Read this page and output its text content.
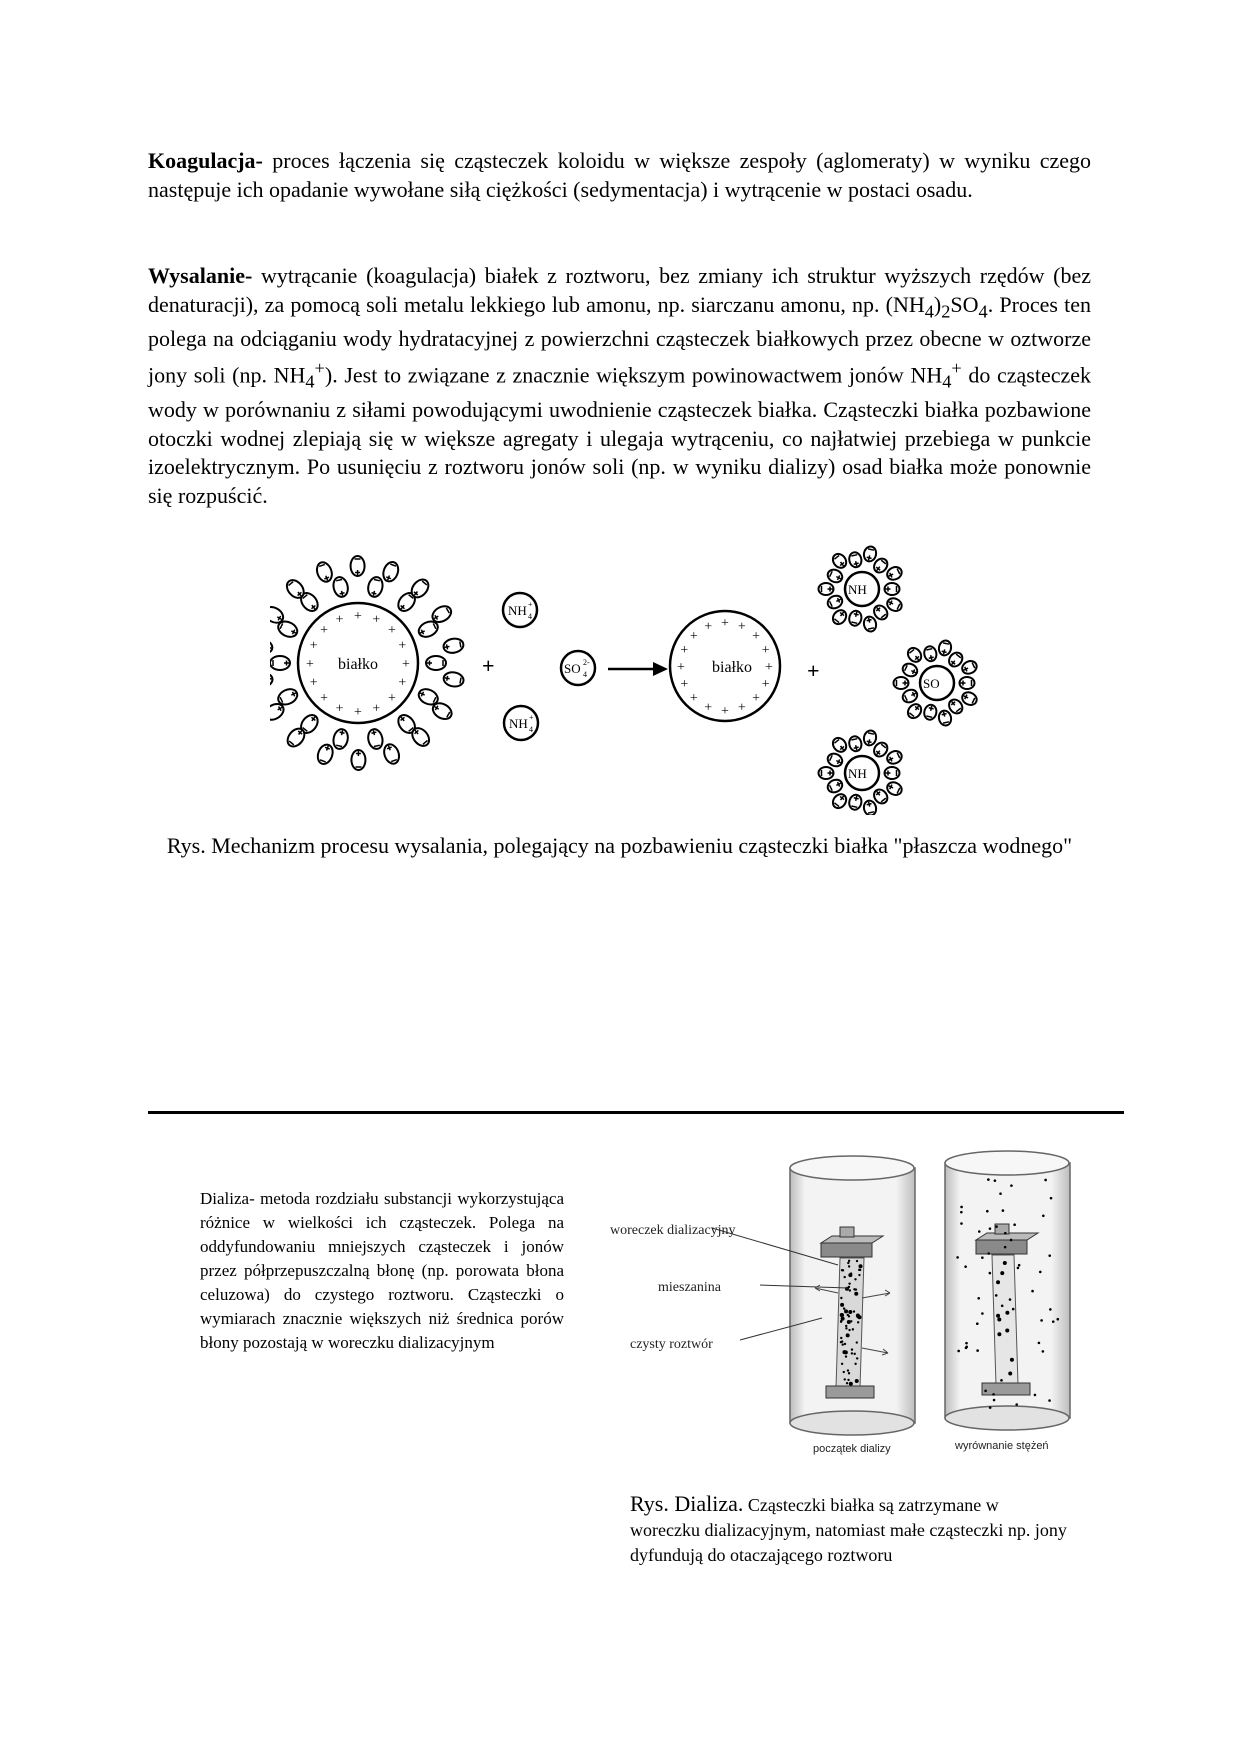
Koagulacja- proces łączenia się cząsteczek koloidu w większe zespoły (aglomeraty) w wyniku czego następuje ich opadanie wywołane siłą ciężkości (sedymentacja) i wytrącenie w postaci osadu.
Wysalanie- wytrącanie (koagulacja) białek z roztworu, bez zmiany ich struktur wyższych rzędów (bez denaturacji), za pomocą soli metalu lekkiego lub amonu, np. siarczanu amonu, np. $(NH_4)_2SO_4$. Proces ten polega na odciąganiu wody hydratacyjnej z powierzchni cząsteczek białkowych przez obecne w oztworze jony soli (np. $NH_4^+$). Jest to związane z znacznie większym powinowactwem jonów $NH_4^+$ do cząsteczek wody w porównaniu z siłami powodującymi uwodnienie cząsteczek białka. Cząsteczki białka pozbawione otoczki wodnej zlepiają się w większe agregaty i ulegaja wytrąceniu, co najłatwiej przebiega w punkcie izoelektrycznym. Po usunięciu z roztworu jonów soli (np. w wyniku dializy) osad białka może ponownie się rozpuścić.
białko +
+
+
+
+
+
+
+
+
+
+
+ + +
+
+
+
NH +
4
NH +
4
SO 2-
4	białko +
+
+
+
+
+
+
+
+
+
+
+ + +
+
+
+
NH
SO
NH
Rys. Mechanizm procesu wysalania, polegający na pozbawieniu cząsteczki białka "płaszcza wodnego"
Dializa- metoda rozdziału substancji wykorzystująca różnice w wielkości ich cząsteczek. Polega na oddyfundowaniu mniejszych cząsteczek i jonów przez półprzepuszczalną błonę (np. porowata błona celuzowa) do czystego roztworu. Cząsteczki o wymiarach znacznie większych niż średnica porów błony pozostają w woreczku dializacyjnym
woreczek dializacyjny
mieszanina
czysty roztwór
początek dializy	wyrównanie stężeń
Rys. Dializa. Cząsteczki białka są zatrzymane w woreczku dializacyjnym, natomiast małe cząsteczki np. jony dyfundują do otaczającego roztworu
